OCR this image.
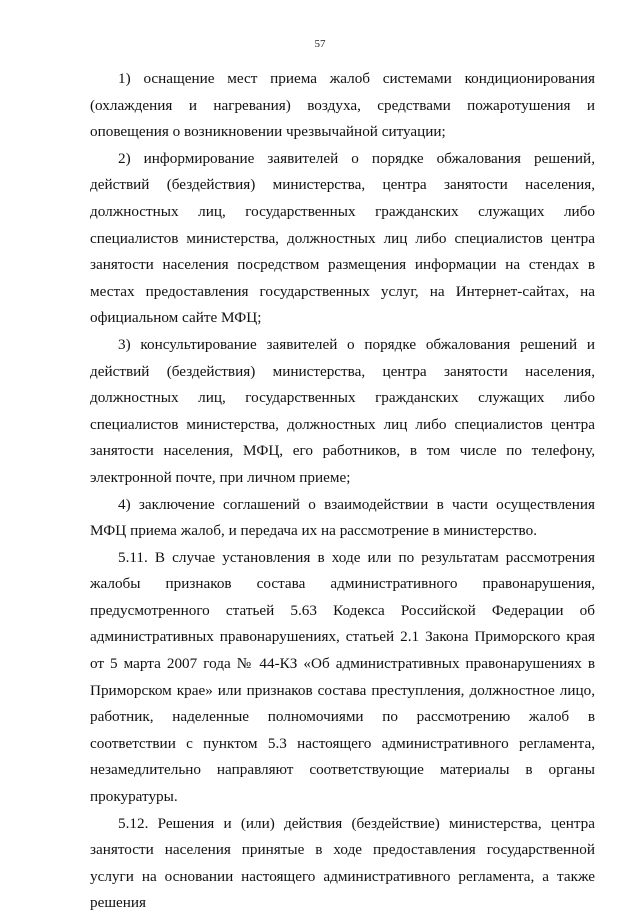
57

1) оснащение мест приема жалоб системами кондиционирования (охлаждения и нагревания) воздуха, средствами пожаротушения и оповещения о возникновении чрезвычайной ситуации;

2) информирование заявителей о порядке обжалования решений, действий (бездействия) министерства, центра занятости населения, должностных лиц, государственных гражданских служащих либо специалистов министерства, должностных лиц либо специалистов центра занятости населения посредством размещения информации на стендах в местах предоставления государственных услуг, на Интернет-сайтах, на официальном сайте МФЦ;

3) консультирование заявителей о порядке обжалования решений и действий (бездействия) министерства, центра занятости населения, должностных лиц, государственных гражданских служащих либо специалистов министерства, должностных лиц либо специалистов центра занятости населения, МФЦ, его работников, в том числе по телефону, электронной почте, при личном приеме;

4) заключение соглашений о взаимодействии в части осуществления МФЦ приема жалоб, и передача их на рассмотрение в министерство.

5.11. В случае установления в ходе или по результатам рассмотрения жалобы признаков состава административного правонарушения, предусмотренного статьей 5.63 Кодекса Российской Федерации об административных правонарушениях, статьей 2.1 Закона Приморского края от 5 марта 2007 года № 44-КЗ «Об административных правонарушениях в Приморском крае» или признаков состава преступления, должностное лицо, работник, наделенные полномочиями по рассмотрению жалоб в соответствии с пунктом 5.3 настоящего административного регламента, незамедлительно направляют соответствующие материалы в органы прокуратуры.

5.12. Решения и (или) действия (бездействие) министерства, центра занятости населения принятые в ходе предоставления государственной услуги на основании настоящего административного регламента, а также решения
